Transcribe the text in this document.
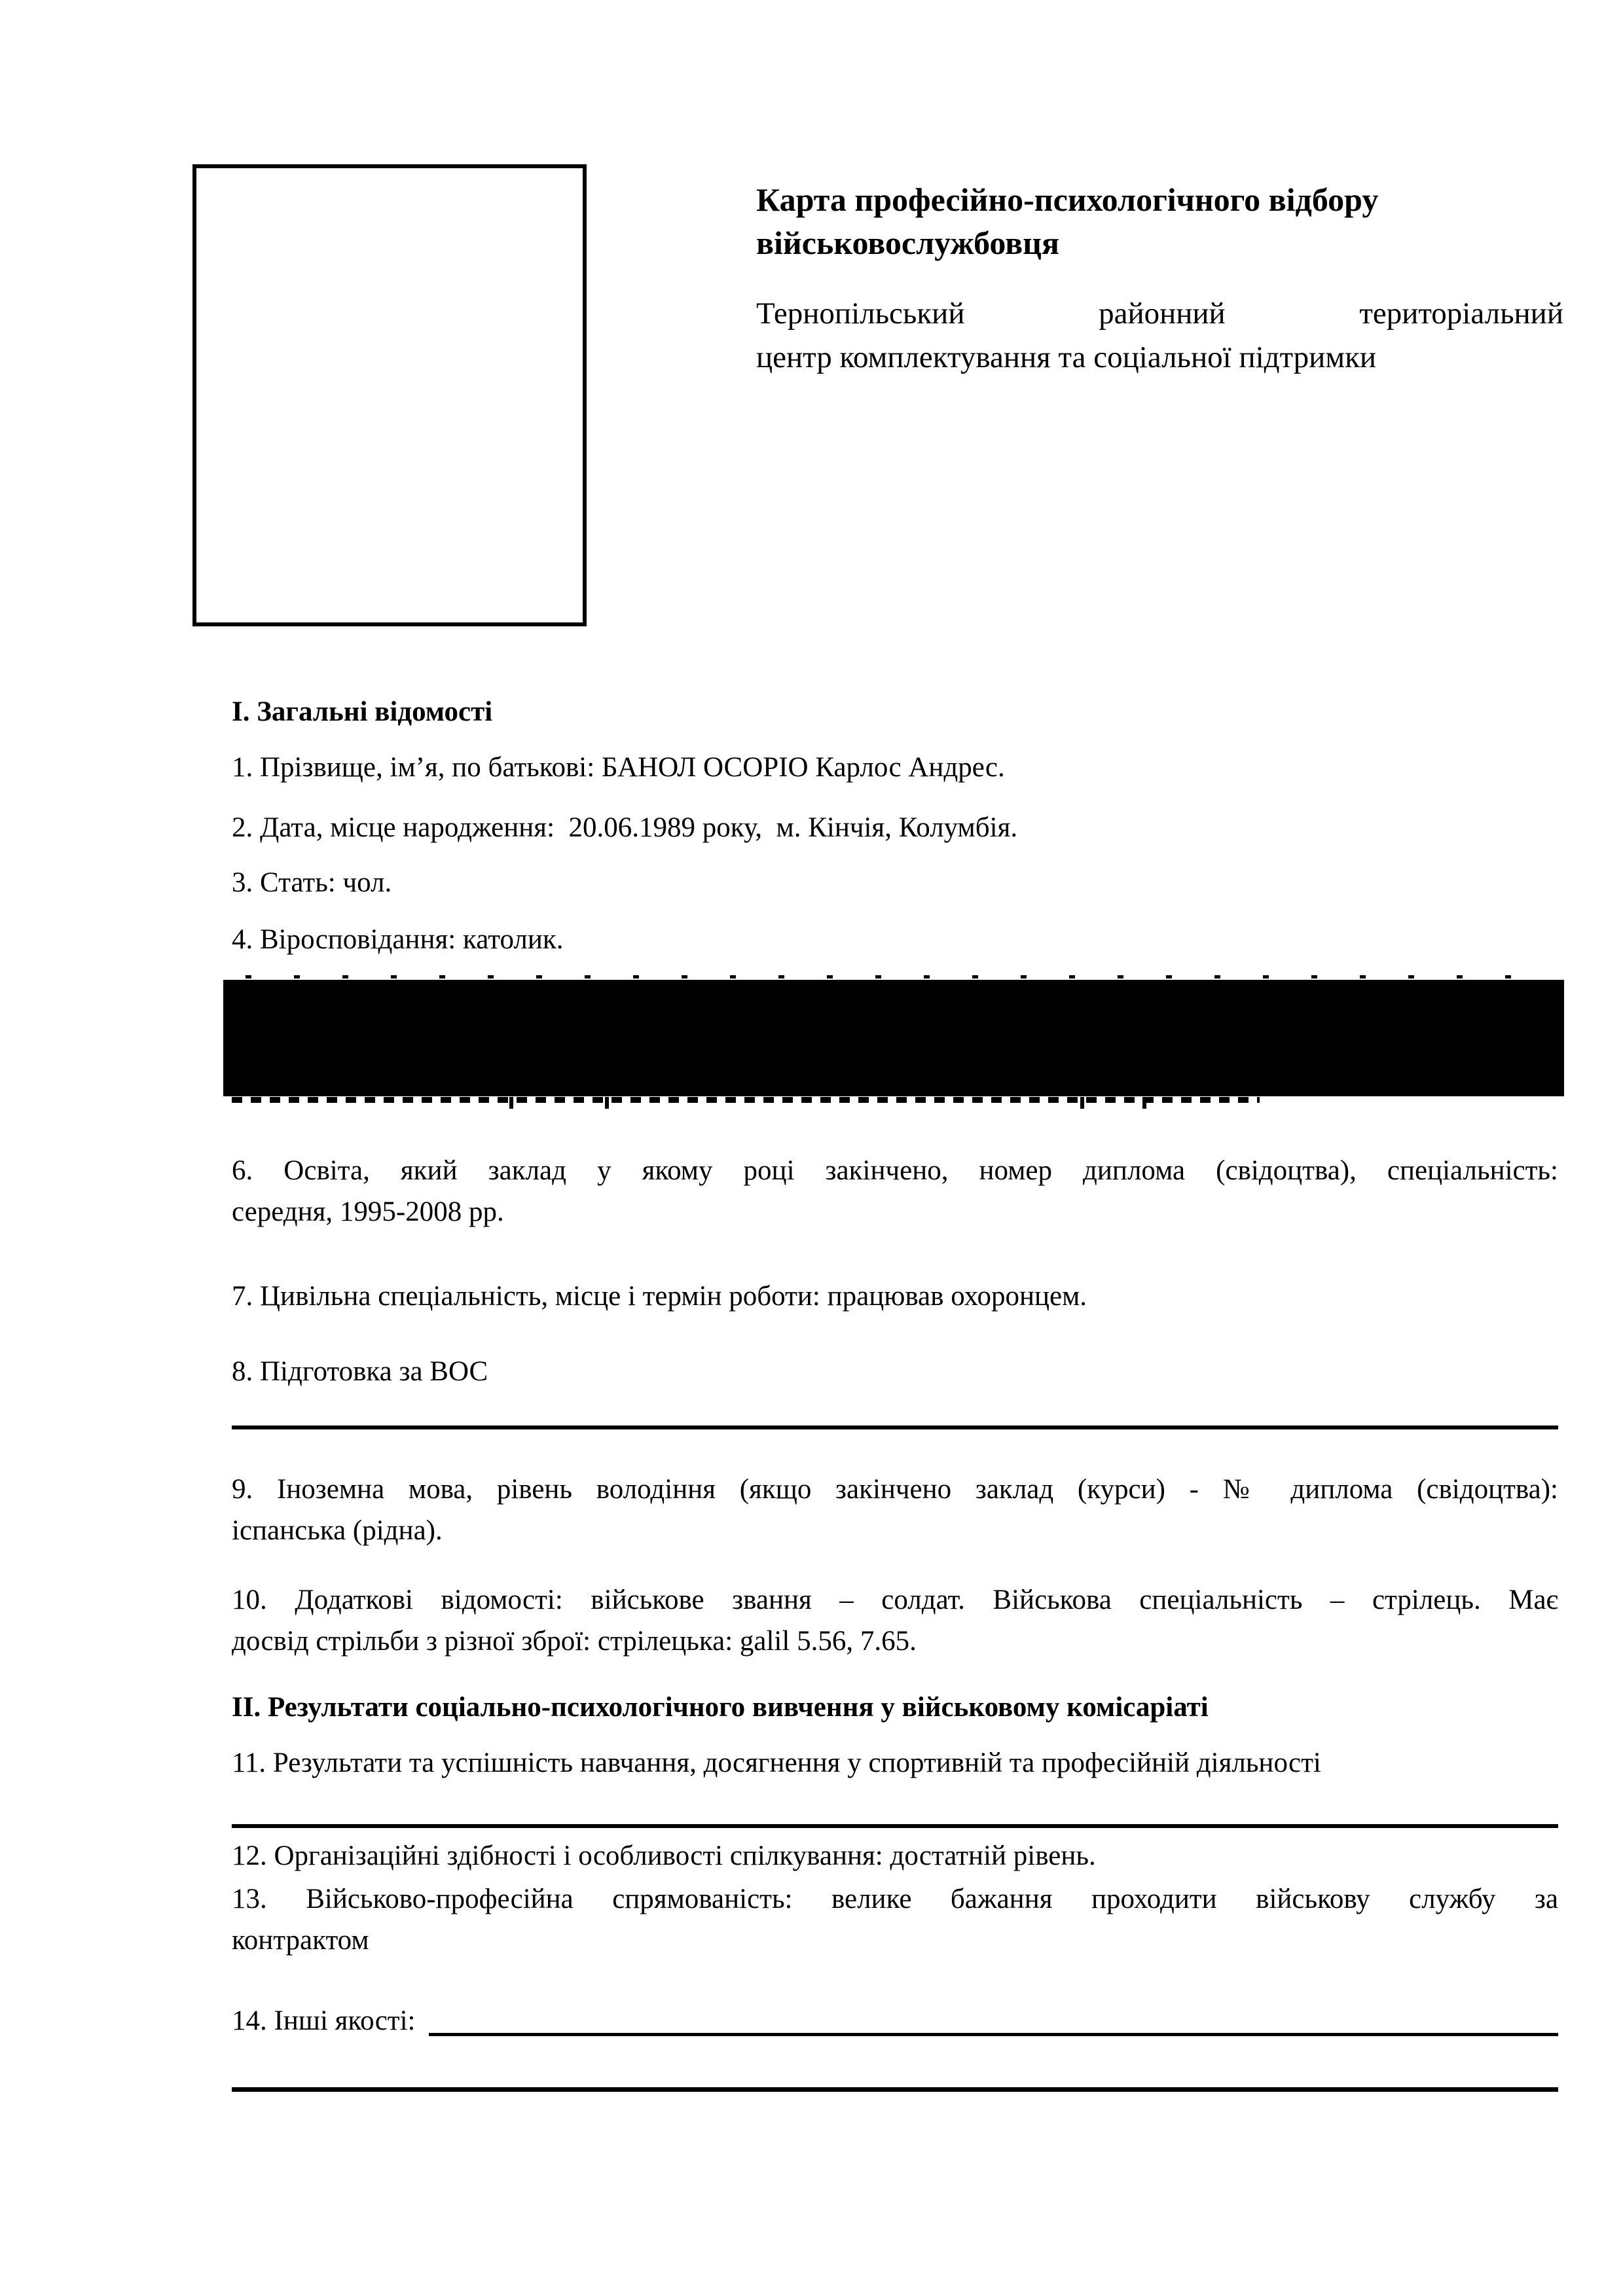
Карта професійно-психологічного відбору
військовослужбовця
Тернопільський районний територіальний
центр комплектування та соціальної підтримки
I. Загальні відомості
1. Прізвище, ім’я, по батькові: БАНОЛ ОСОРІО Карлос Андрес.
2. Дата, місце народження:  20.06.1989 року,  м. Кінчія, Колумбія.
3. Стать: чол.
4. Віросповідання: католик.
6. Освіта, який заклад у якому році закінчено, номер диплома (свідоцтва), спеціальність:
середня, 1995-2008 рр.
7. Цивільна спеціальність, місце і термін роботи: працював охоронцем.
8. Підготовка за ВОС
9. Іноземна мова, рівень володіння (якщо закінчено заклад (курси) - № диплома (свідоцтва):
іспанська (рідна).
10. Додаткові відомості: військове звання – солдат. Військова спеціальність – стрілець. Має
досвід стрільби з різної зброї: стрілецька: galil 5.56, 7.65.
II. Результати соціально-психологічного вивчення у військовому комісаріаті
11. Результати та успішність навчання, досягнення у спортивній та професійній діяльності
12. Організаційні здібності і особливості спілкування: достатній рівень.
13. Військово-професійна спрямованість: велике бажання проходити військову службу за
контрактом
14. Інші якості:
